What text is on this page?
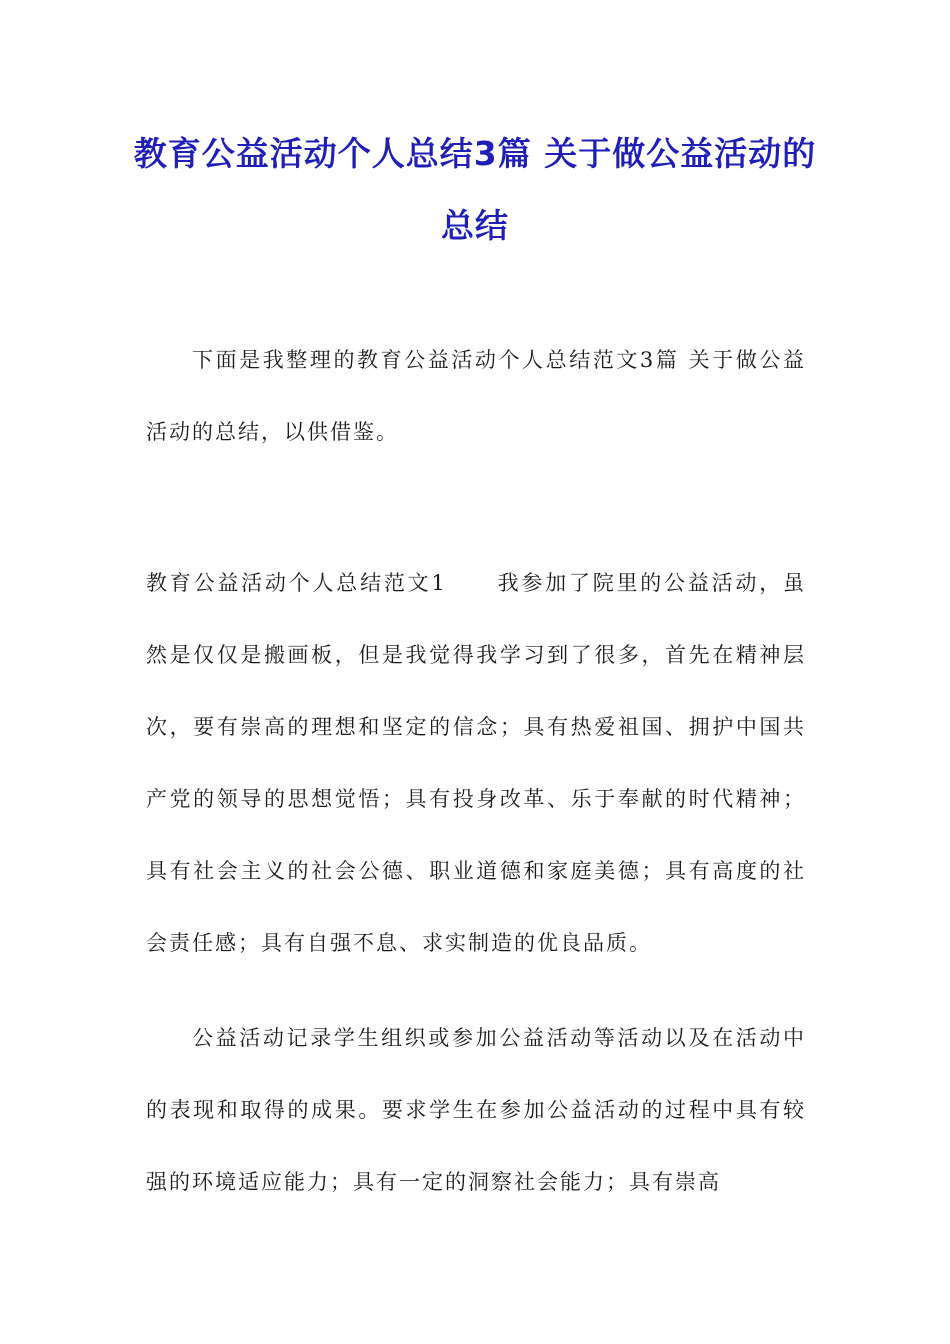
教育公益活动个人总结3篇 关于做公益活动的总结

下面是我整理的教育公益活动个人总结范文3篇 关于做公益活动的总结，以供借鉴。

教育公益活动个人总结范文1 我参加了院里的公益活动，虽然是仅仅是搬画板，但是我觉得我学习到了很多，首先在精神层次，要有崇高的理想和坚定的信念；具有热爱祖国、拥护中国共产党的领导的思想觉悟；具有投身改革、乐于奉献的时代精神；具有社会主义的社会公德、职业道德和家庭美德；具有高度的社会责任感；具有自强不息、求实制造的优良品质。

公益活动记录学生组织或参加公益活动等活动以及在活动中的表现和取得的成果。要求学生在参加公益活动的过程中具有较强的环境适应能力；具有一定的洞察社会能力；具有崇高
